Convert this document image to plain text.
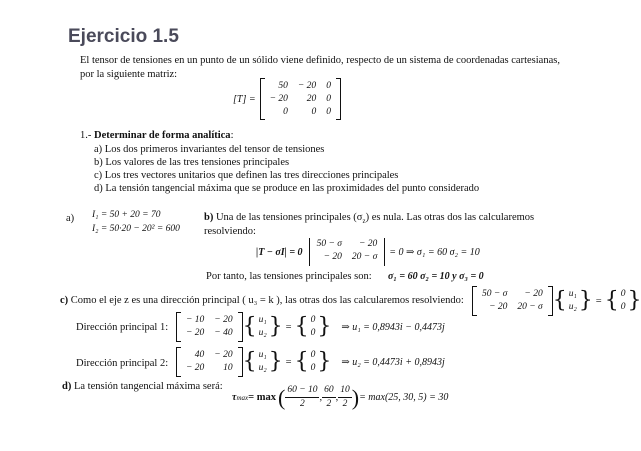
Ejercicio 1.5
El tensor de tensiones en un punto de un sólido viene definido, respecto de un sistema de coordenadas cartesianas,
por la siguiente matriz:
[T] =
50	− 20	0
− 20	20	0
0	0	0
1.- Determinar de forma analítica:
a) Los dos primeros invariantes del tensor de tensiones
b) Los valores de las tres tensiones principales
c) Los tres vectores unitarios que definen las tres direcciones principales
d) La tensión tangencial máxima que se produce en las proximidades del punto considerado
a) I₁ = 50 + 20 = 70
I₂ = 50·20 − 20² = 600
b) Una de las tensiones principales $(\sigma_z)$ es nula. Las otras dos las calcularemos
resolviendo:
|T − σI| = 0
50 − σ	− 20
− 20	20 − σ = 0 ⇒ σ₁ = 60 σ₂ = 10
Por tanto, las tensiones principales son: σ₁ = 60 σ₂ = 10 y σ₃ = 0
c) Como el eje z es una dirección principal ( u₃ = k ), las otras dos las calcularemos resolviendo:
50 − σ	− 20
− 20	20 − σ { u₁
u₂ } = { 0
0 }
Dirección principal 1:
− 10	− 20
− 20	− 40 { u₁
u₂ } = { 0
0 } ⇒ u₁ = 0,8943i − 0,4473j
Dirección principal 2:
40	− 20
− 20	10 { u₁
u₂ } = { 0
0 } ⇒ u₂ = 0,4473i + 0,8943j
d) La tensión tangencial máxima será:
τ max = max ( $\frac{60 - 10}{2}$ , $\frac{60}{2}$ , $\frac{10}{2}$ ) = max(25, 30, 5) = 30
